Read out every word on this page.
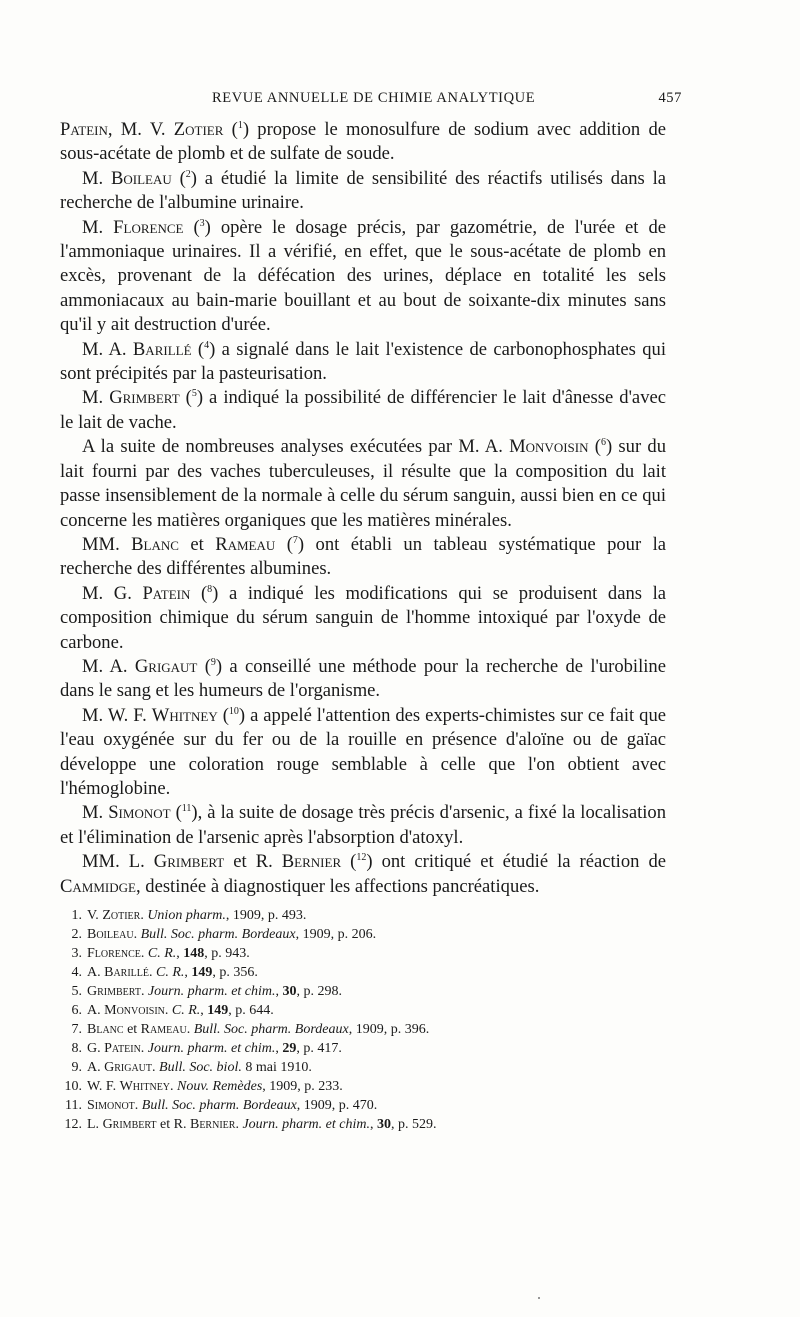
REVUE ANNUELLE DE CHIMIE ANALYTIQUE	457

Patein, M. V. Zotier ($^1$) propose le monosulfure de sodium avec addition de sous-acétate de plomb et de sulfate de soude.

M. Boileau ($^2$) a étudié la limite de sensibilité des réactifs utilisés dans la recherche de l'albumine urinaire.

M. Florence ($^3$) opère le dosage précis, par gazométrie, de l'urée et de l'ammoniaque urinaires. Il a vérifié, en effet, que le sous-acétate de plomb en excès, provenant de la défécation des urines, déplace en totalité les sels ammoniacaux au bain-marie bouillant et au bout de soixante-dix minutes sans qu'il y ait destruction d'urée.

M. A. Barillé ($^4$) a signalé dans le lait l'existence de carbonophosphates qui sont précipités par la pasteurisation.

M. Grimbert ($^5$) a indiqué la possibilité de différencier le lait d'ânesse d'avec le lait de vache.

A la suite de nombreuses analyses exécutées par M. A. Monvoisin ($^6$) sur du lait fourni par des vaches tuberculeuses, il résulte que la composition du lait passe insensiblement de la normale à celle du sérum sanguin, aussi bien en ce qui concerne les matières organiques que les matières minérales.

MM. Blanc et Rameau ($^7$) ont établi un tableau systématique pour la recherche des différentes albumines.

M. G. Patein ($^8$) a indiqué les modifications qui se produisent dans la composition chimique du sérum sanguin de l'homme intoxiqué par l'oxyde de carbone.

M. A. Grigaut ($^9$) a conseillé une méthode pour la recherche de l'urobiline dans le sang et les humeurs de l'organisme.

M. W. F. Whitney ($^{10}$) a appelé l'attention des experts-chimistes sur ce fait que l'eau oxygénée sur du fer ou de la rouille en présence d'aloïne ou de gaïac développe une coloration rouge semblable à celle que l'on obtient avec l'hémoglobine.

M. Simonot ($^{11}$), à la suite de dosage très précis d'arsenic, a fixé la localisation et l'élimination de l'arsenic après l'absorption d'atoxyl.

MM. L. Grimbert et R. Bernier ($^{12}$) ont critiqué et étudié la réaction de Cammidge, destinée à diagnostiquer les affections pancréatiques.

1. V. Zotier. Union pharm., 1909, p. 493.
2. Boileau. Bull. Soc. pharm. Bordeaux, 1909, p. 206.
3. Florence. C. R., 148, p. 943.
4. A. Barillé. C. R., 149, p. 356.
5. Grimbert. Journ. pharm. et chim., 30, p. 298.
6. A. Monvoisin. C. R., 149, p. 644.
7. Blanc et Rameau. Bull. Soc. pharm. Bordeaux, 1909, p. 396.
8. G. Patein. Journ. pharm. et chim., 29, p. 417.
9. A. Grigaut. Bull. Soc. biol. 8 mai 1910.
10. W. F. Whitney. Nouv. Remèdes, 1909, p. 233.
11. Simonot. Bull. Soc. pharm. Bordeaux, 1909, p. 470.
12. L. Grimbert et R. Bernier. Journ. pharm. et chim., 30, p. 529.
